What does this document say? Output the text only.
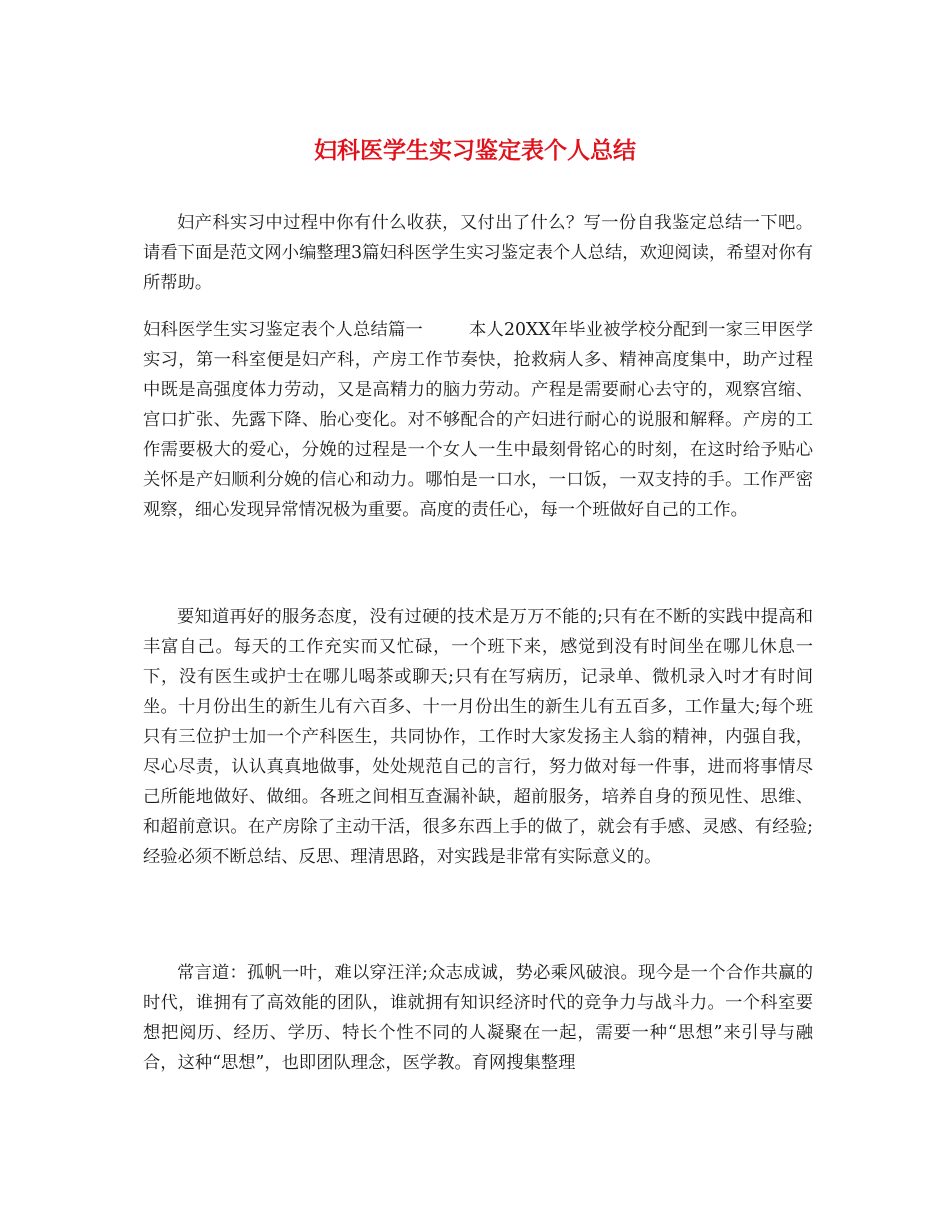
妇科医学生实习鉴定表个人总结

妇产科实习中过程中你有什么收获，又付出了什么？写一份自我鉴定总结一下吧。请看下面是范文网小编整理3篇妇科医学生实习鉴定表个人总结，欢迎阅读，希望对你有所帮助。

妇科医学生实习鉴定表个人总结篇一	本人20XX年毕业被学校分配到一家三甲医学实习，第一科室便是妇产科，产房工作节奏快，抢救病人多、精神高度集中，助产过程中既是高强度体力劳动，又是高精力的脑力劳动。产程是需要耐心去守的，观察宫缩、宫口扩张、先露下降、胎心变化。对不够配合的产妇进行耐心的说服和解释。产房的工作需要极大的爱心，分娩的过程是一个女人一生中最刻骨铭心的时刻，在这时给予贴心关怀是产妇顺利分娩的信心和动力。哪怕是一口水，一口饭，一双支持的手。工作严密观察，细心发现异常情况极为重要。高度的责任心，每一个班做好自己的工作。

要知道再好的服务态度，没有过硬的技术是万万不能的;只有在不断的实践中提高和丰富自己。每天的工作充实而又忙碌，一个班下来，感觉到没有时间坐在哪儿休息一下，没有医生或护士在哪儿喝茶或聊天;只有在写病历，记录单、微机录入吋才有时间坐。十月份出生的新生儿有六百多、十一月份出生的新生儿有五百多，工作量大;每个班只有三位护士加一个产科医生，共同协作，工作时大家发扬主人翁的精神，内强自我，尽心尽责，认认真真地做事，处处规范自己的言行，努力做对每一件事，进而将事情尽己所能地做好、做细。各班之间相互查漏补缺，超前服务，培养自身的预见性、思维、和超前意识。在产房除了主动干活，很多东西上手的做了，就会有手感、灵感、有经验;经验必须不断总结、反思、理清思路，对实践是非常有实际意义的。

常言道：孤帆一叶，难以穿汪洋;众志成诚，势必乘风破浪。现今是一个合作共赢的时代，谁拥有了高效能的团队，谁就拥有知识经济时代的竞争力与战斗力。一个科室要想把阅历、经历、学历、特长个性不同的人凝聚在一起，需要一种“思想”来引导与融合，这种“思想”，也即团队理念，医学教。育网搜集整理
